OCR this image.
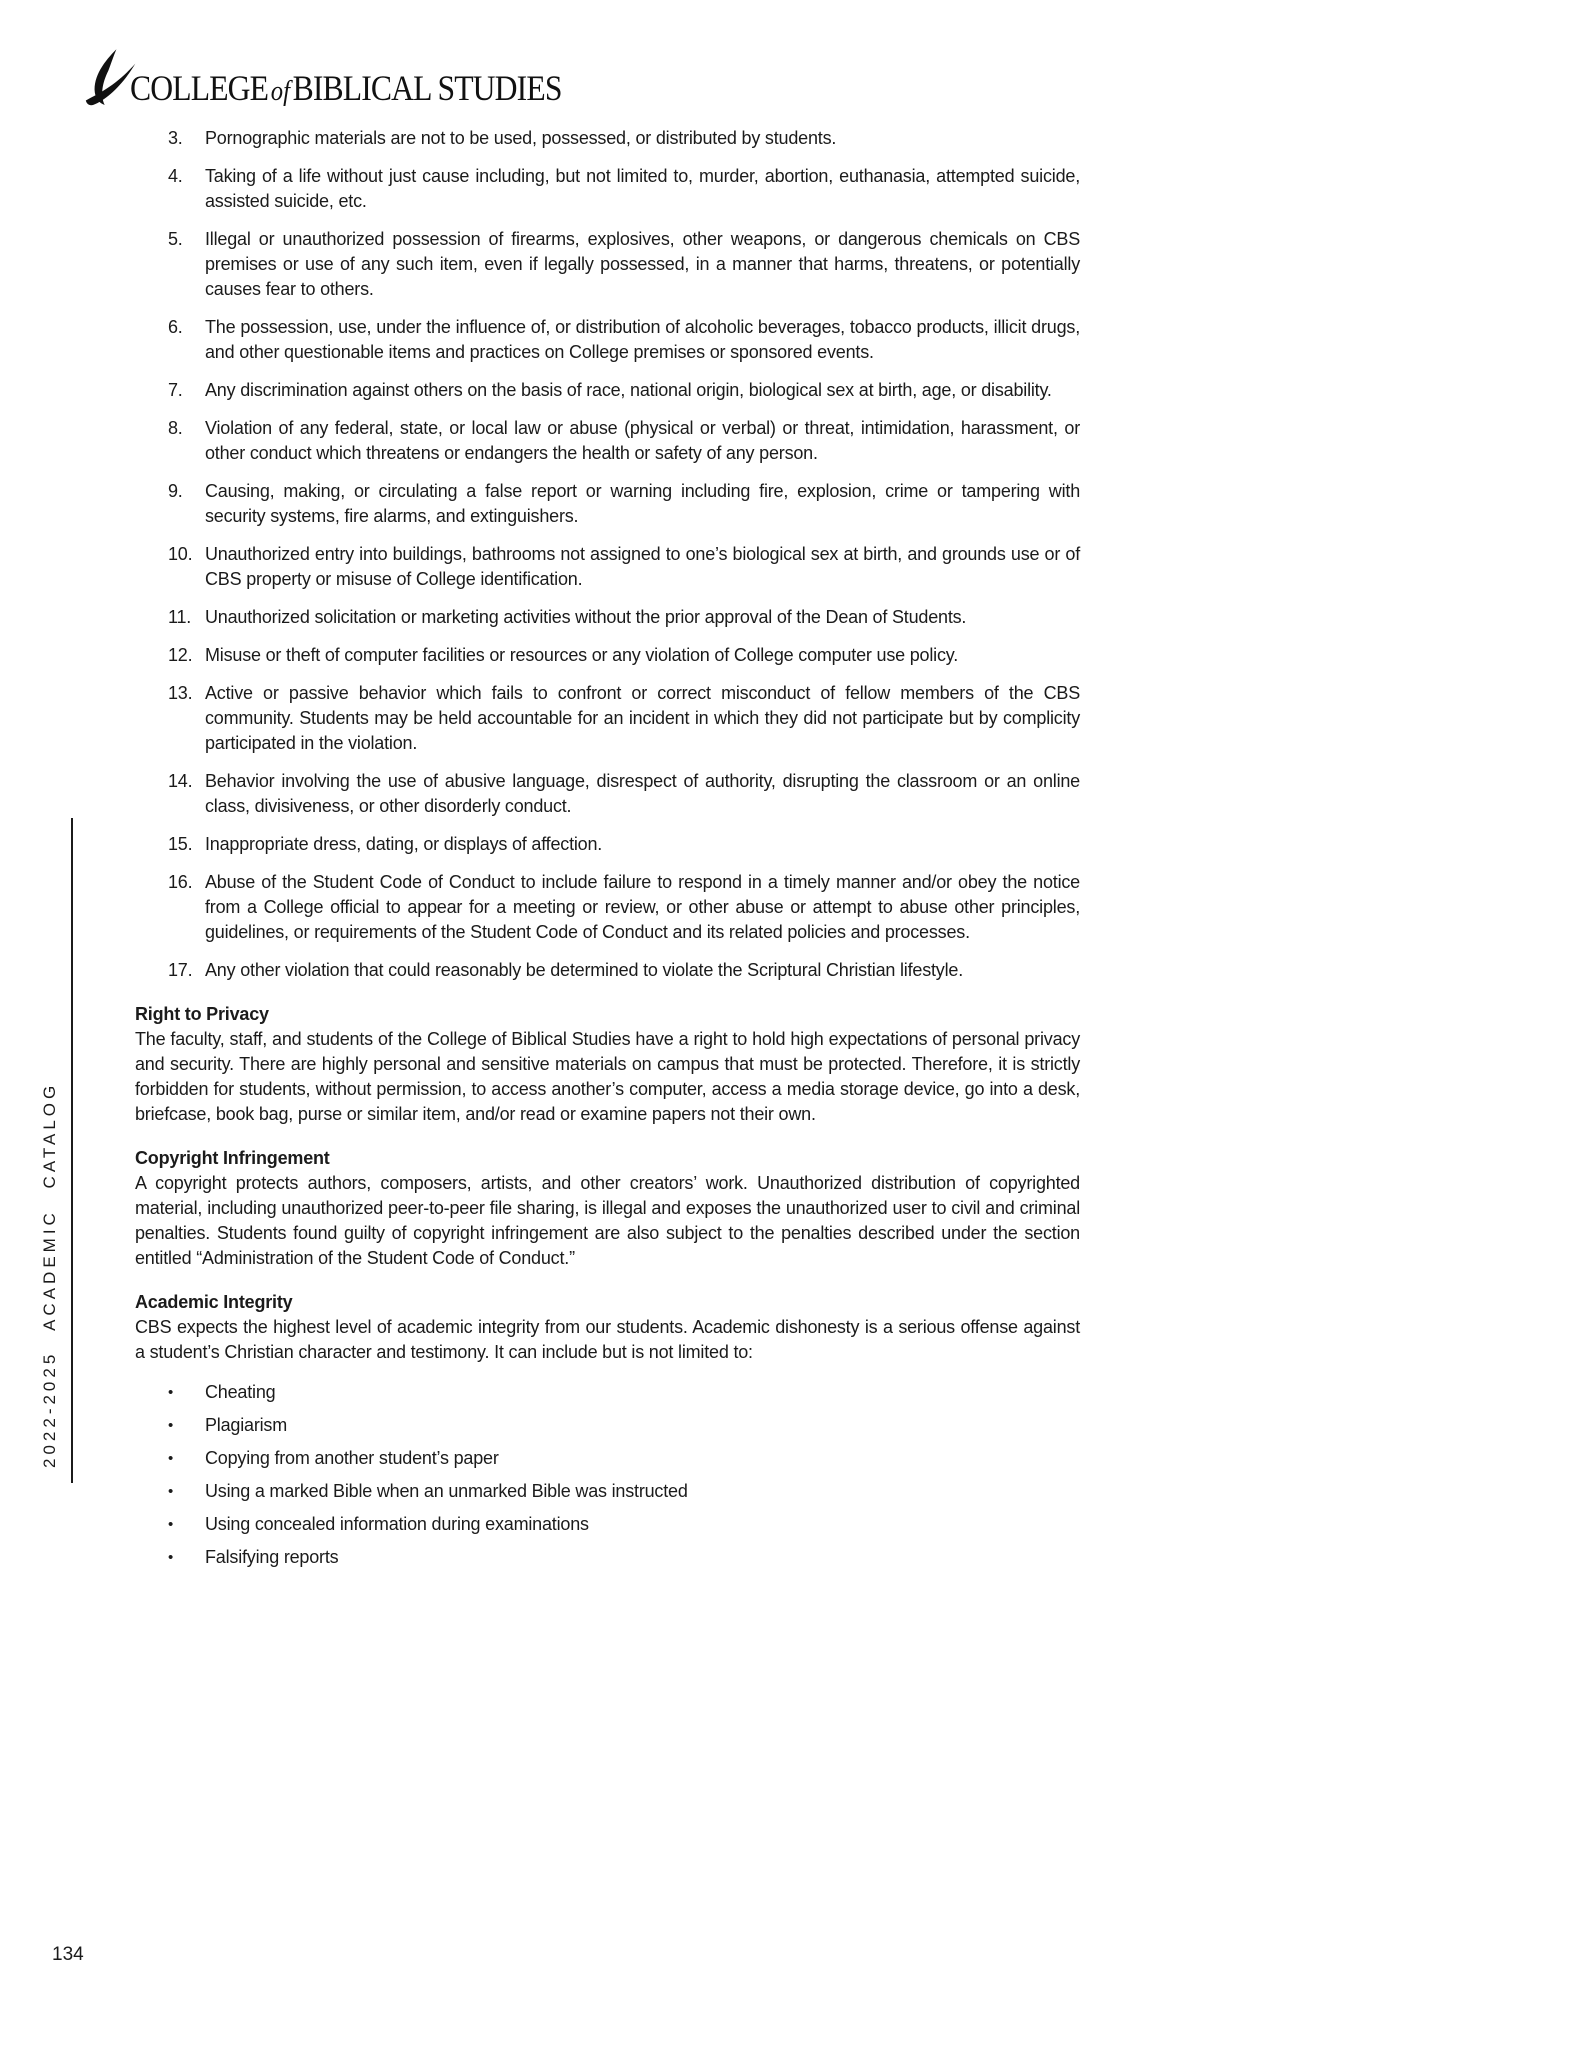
COLLEGEofBIBLICAL STUDIES
2022-2025 ACADEMIC CATALOG
134
3.	Pornographic materials are not to be used, possessed, or distributed by students.
4.	Taking of a life without just cause including, but not limited to, murder, abortion, euthanasia, attempted suicide, assisted suicide, etc.
5.	Illegal or unauthorized possession of firearms, explosives, other weapons, or dangerous chemicals on CBS premises or use of any such item, even if legally possessed, in a manner that harms, threatens, or potentially causes fear to others.
6.	The possession, use, under the influence of, or distribution of alcoholic beverages, tobacco products, illicit drugs, and other questionable items and practices on College premises or sponsored events.
7.	Any discrimination against others on the basis of race, national origin, biological sex at birth, age, or disability.
8.	Violation of any federal, state, or local law or abuse (physical or verbal) or threat, intimidation, harassment, or other conduct which threatens or endangers the health or safety of any person.
9.	Causing, making, or circulating a false report or warning including fire, explosion, crime or tampering with security systems, fire alarms, and extinguishers.
10. Unauthorized entry into buildings, bathrooms not assigned to one’s biological sex at birth, and grounds use or of CBS property or misuse of College identification.
11. Unauthorized solicitation or marketing activities without the prior approval of the Dean of Students.
12. Misuse or theft of computer facilities or resources or any violation of College computer use policy.
13. Active or passive behavior which fails to confront or correct misconduct of fellow members of the CBS community. Students may be held accountable for an incident in which they did not participate but by complicity participated in the violation.
14. Behavior involving the use of abusive language, disrespect of authority, disrupting the classroom or an online class, divisiveness, or other disorderly conduct.
15. Inappropriate dress, dating, or displays of affection.
16. Abuse of the Student Code of Conduct to include failure to respond in a timely manner and/or obey the notice from a College official to appear for a meeting or review, or other abuse or attempt to abuse other principles, guidelines, or requirements of the Student Code of Conduct and its related policies and processes.
17. Any other violation that could reasonably be determined to violate the Scriptural Christian lifestyle.
Right to Privacy

The faculty, staff, and students of the College of Biblical Studies have a right to hold high expectations of personal privacy and security. There are highly personal and sensitive materials on campus that must be protected. Therefore, it is strictly forbidden for students, without permission, to access another’s computer, access a media storage device, go into a desk, briefcase, book bag, purse or similar item, and/or read or examine papers not their own.

Copyright Infringement

A copyright protects authors, composers, artists, and other creators’ work. Unauthorized distribution of copyrighted material, including unauthorized peer-to-peer file sharing, is illegal and exposes the unauthorized user to civil and criminal penalties. Students found guilty of copyright infringement are also subject to the penalties described under the section entitled “Administration of the Student Code of Conduct.”

Academic Integrity

CBS expects the highest level of academic integrity from our students. Academic dishonesty is a serious offense against a student’s Christian character and testimony. It can include but is not limited to:

•	Cheating
•	Plagiarism
•	Copying from another student’s paper
•	Using a marked Bible when an unmarked Bible was instructed
•	Using concealed information during examinations
•	Falsifying reports
